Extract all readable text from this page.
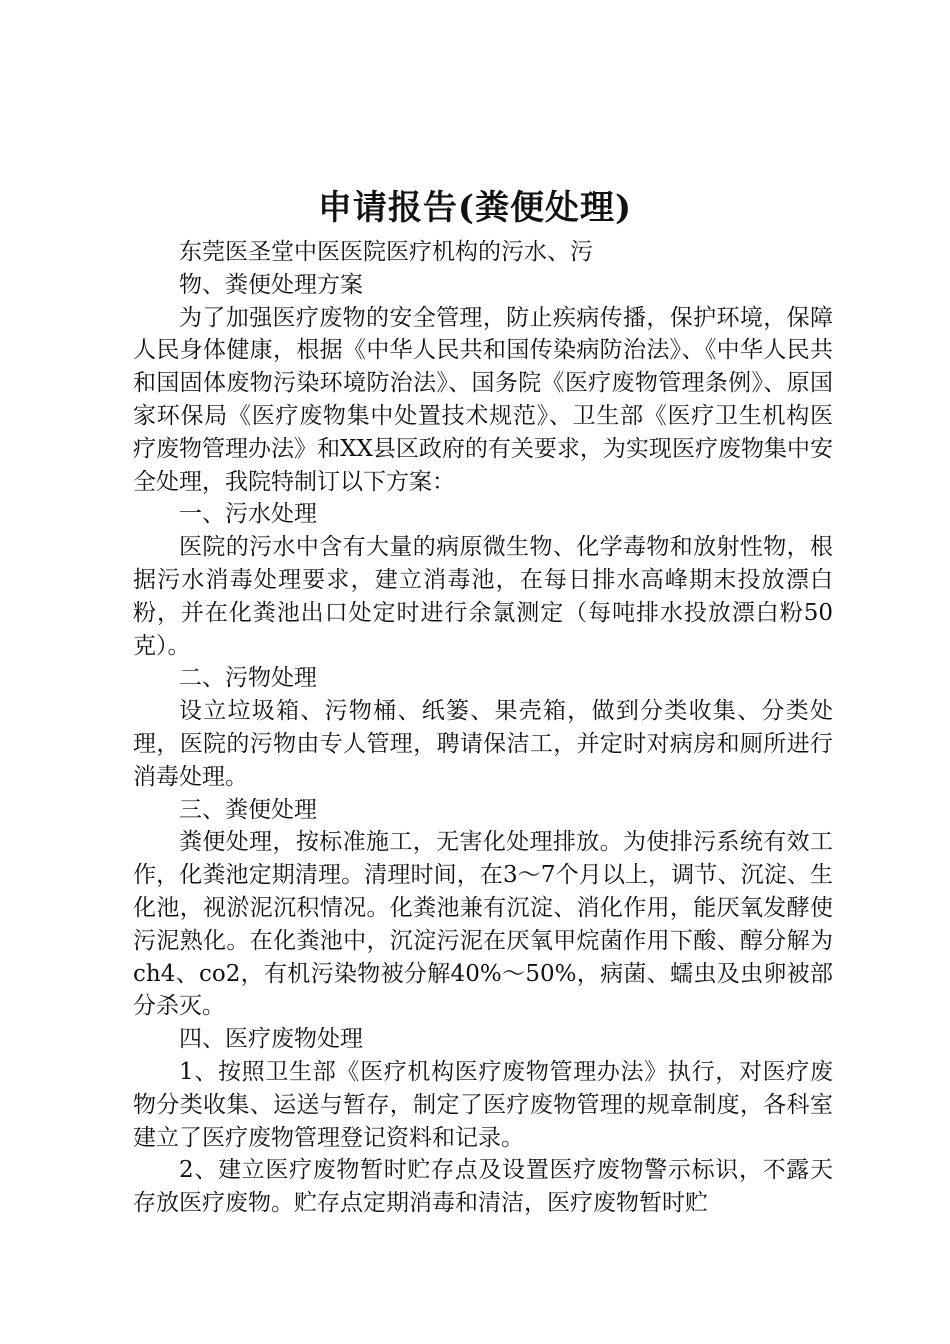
申请报告(粪便处理)

东莞医圣堂中医医院医疗机构的污水、污

物、粪便处理方案

为了加强医疗废物的安全管理，防止疾病传播，保护环境，保障人民身体健康，根据《中华人民共和国传染病防治法》、《中华人民共和国固体废物污染环境防治法》、国务院《医疗废物管理条例》、原国家环保局《医疗废物集中处置技术规范》、卫生部《医疗卫生机构医疗废物管理办法》和XX县区政府的有关要求，为实现医疗废物集中安全处理，我院特制订以下方案：

一、污水处理

医院的污水中含有大量的病原微生物、化学毒物和放射性物，根据污水消毒处理要求，建立消毒池，在每日排水高峰期末投放漂白粉，并在化粪池出口处定时进行余氯测定（每吨排水投放漂白粉50克）。

二、污物处理

设立垃圾箱、污物桶、纸篓、果壳箱，做到分类收集、分类处理，医院的污物由专人管理，聘请保洁工，并定时对病房和厕所进行消毒处理。

三、粪便处理

粪便处理，按标准施工，无害化处理排放。为使排污系统有效工作，化粪池定期清理。清理时间，在3～7个月以上，调节、沉淀、生化池，视淤泥沉积情况。化粪池兼有沉淀、消化作用，能厌氧发酵使污泥熟化。在化粪池中，沉淀污泥在厌氧甲烷菌作用下酸、醇分解为ch4、co2，有机污染物被分解40%～50%，病菌、蠕虫及虫卵被部分杀灭。

四、医疗废物处理

1、按照卫生部《医疗机构医疗废物管理办法》执行，对医疗废物分类收集、运送与暂存，制定了医疗废物管理的规章制度，各科室建立了医疗废物管理登记资料和记录。

2、建立医疗废物暂时贮存点及设置医疗废物警示标识，不露天存放医疗废物。贮存点定期消毒和清洁，医疗废物暂时贮
